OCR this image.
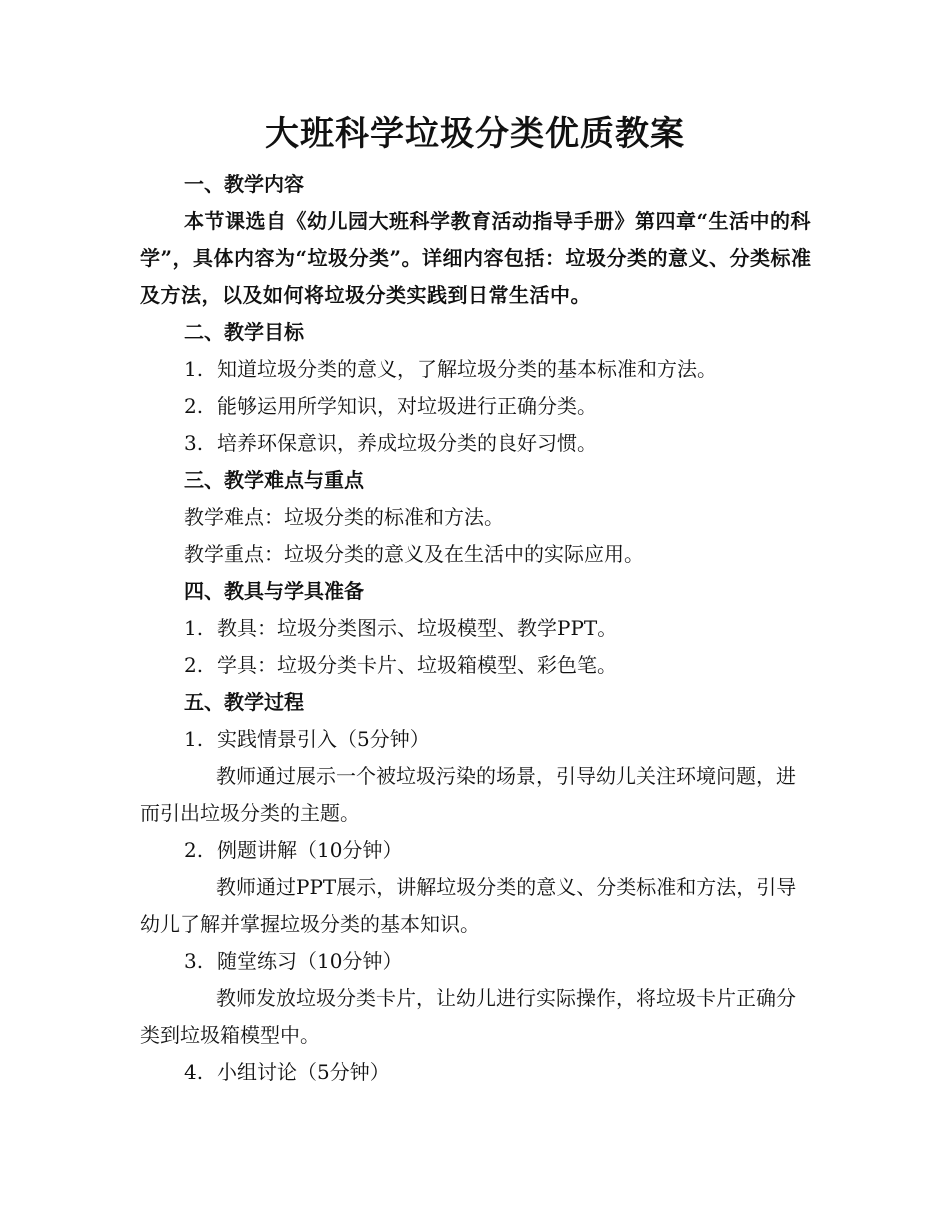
大班科学垃圾分类优质教案

一、教学内容

本节课选自《幼儿园大班科学教育活动指导手册》第四章“生活中的科学”，具体内容为“垃圾分类”。详细内容包括：垃圾分类的意义、分类标准及方法，以及如何将垃圾分类实践到日常生活中。

二、教学目标

1. 知道垃圾分类的意义，了解垃圾分类的基本标准和方法。

2. 能够运用所学知识，对垃圾进行正确分类。

3. 培养环保意识，养成垃圾分类的良好习惯。

三、教学难点与重点

教学难点：垃圾分类的标准和方法。

教学重点：垃圾分类的意义及在生活中的实际应用。

四、教具与学具准备

1. 教具：垃圾分类图示、垃圾模型、教学PPT。

2. 学具：垃圾分类卡片、垃圾箱模型、彩色笔。

五、教学过程

1. 实践情景引入（5分钟）

教师通过展示一个被垃圾污染的场景，引导幼儿关注环境问题，进而引出垃圾分类的主题。

2. 例题讲解（10分钟）

教师通过PPT展示，讲解垃圾分类的意义、分类标准和方法，引导幼儿了解并掌握垃圾分类的基本知识。

3. 随堂练习（10分钟）

教师发放垃圾分类卡片，让幼儿进行实际操作，将垃圾卡片正确分类到垃圾箱模型中。

4. 小组讨论（5分钟）
